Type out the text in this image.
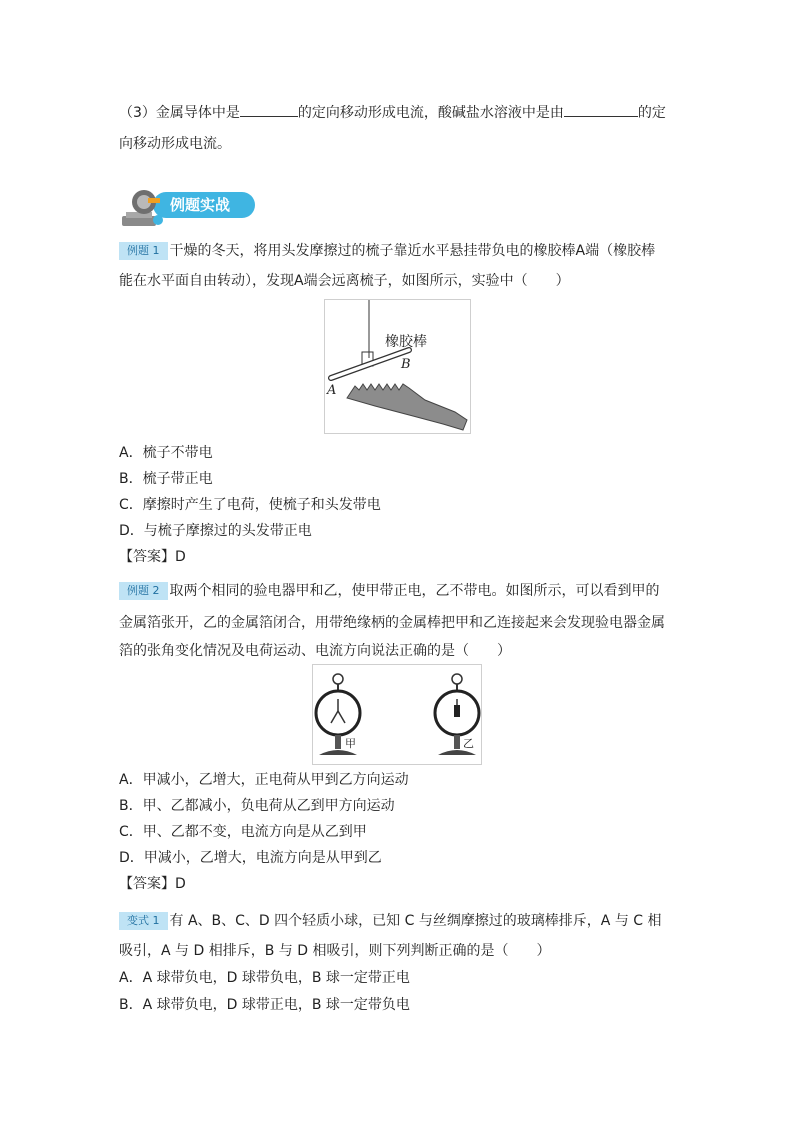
（3）金属导体中是	的定向移动形成电流，酸碱盐水溶液中是由	的定
向移动形成电流。
例题实战
例题 1 干燥的冬天，将用头发摩擦过的梳子靠近水平悬挂带负电的橡胶棒A端（橡胶棒
能在水平面自由转动），发现A端会远离梳子，如图所示，实验中（　　）
橡胶棒
A
B
A．梳子不带电
B．梳子带正电
C．摩擦时产生了电荷，使梳子和头发带电
D．与梳子摩擦过的头发带正电
【答案】D
例题 2 取两个相同的验电器甲和乙，使甲带正电，乙不带电。如图所示，可以看到甲的
金属箔张开，乙的金属箔闭合，用带绝缘柄的金属棒把甲和乙连接起来会发现验电器金属
箔的张角变化情况及电荷运动、电流方向说法正确的是（　　）
甲	乙
A．甲减小，乙增大，正电荷从甲到乙方向运动
B．甲、乙都减小，负电荷从乙到甲方向运动
C．甲、乙都不变，电流方向是从乙到甲
D．甲减小，乙增大，电流方向是从甲到乙
【答案】D
变式 1 有 A、B、C、D 四个轻质小球，已知 C 与丝绸摩擦过的玻璃棒排斥，A 与 C 相
吸引，A 与 D 相排斥，B 与 D 相吸引，则下列判断正确的是（　　）
A．A 球带负电，D 球带负电，B 球一定带正电
B．A 球带负电，D 球带正电，B 球一定带负电
